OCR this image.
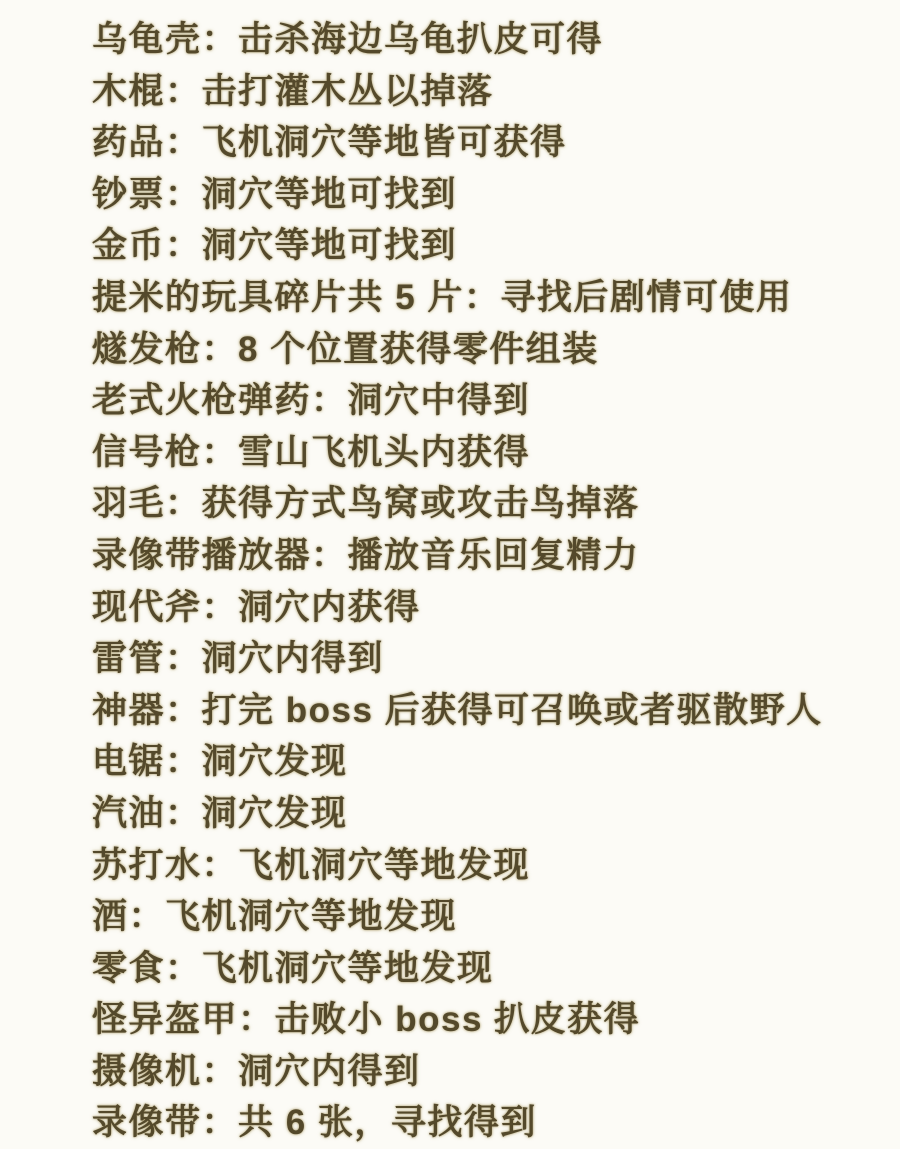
乌龟壳：击杀海边乌龟扒皮可得
木棍：击打灌木丛以掉落
药品：飞机洞穴等地皆可获得
钞票：洞穴等地可找到
金币：洞穴等地可找到
提米的玩具碎片共 5 片：寻找后剧情可使用
燧发枪：8 个位置获得零件组装
老式火枪弹药：洞穴中得到
信号枪：雪山飞机头内获得
羽毛：获得方式鸟窝或攻击鸟掉落
录像带播放器：播放音乐回复精力
现代斧：洞穴内获得
雷管：洞穴内得到
神器：打完 boss 后获得可召唤或者驱散野人
电锯：洞穴发现
汽油：洞穴发现
苏打水：飞机洞穴等地发现
酒：飞机洞穴等地发现
零食：飞机洞穴等地发现
怪异盔甲：击败小 boss 扒皮获得
摄像机：洞穴内得到
录像带：共 6 张，寻找得到
